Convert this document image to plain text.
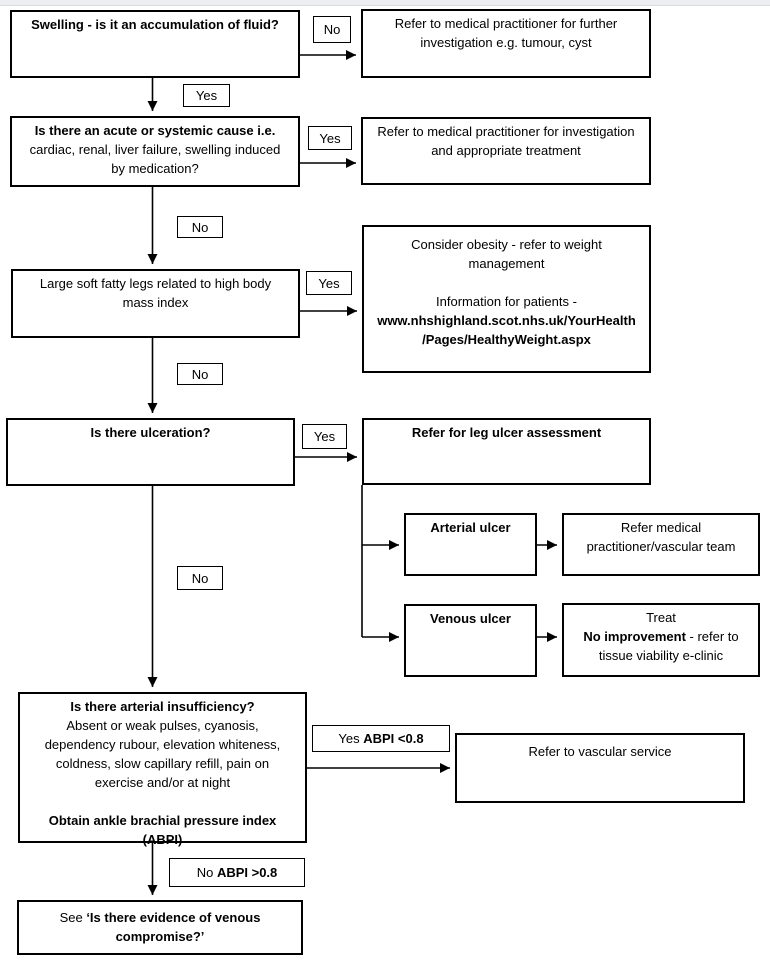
Swelling - is it an accumulation of fluid?	No	Refer to medical practitioner for further
investigation e.g. tumour, cyst
Yes
Is there an acute or systemic cause i.e.
cardiac, renal, liver failure, swelling induced
by medication?
Yes	Refer to medical practitioner for investigation
and appropriate treatment
No
Large soft fatty legs related to high body
mass index
Yes
Consider obesity - refer to weight
management
Information for patients -
www.nhshighland.scot.nhs.uk/YourHealth
/Pages/HealthyWeight.aspx
No
Is there ulceration?	Yes	Refer for leg ulcer assessment
Arterial ulcer	Refer medical
practitioner/vascular team
No
Venous ulcer	Treat
No improvement - refer to
tissue viability e-clinic
Is there arterial insufficiency?
Absent or weak pulses, cyanosis,
dependency rubour, elevation whiteness,
coldness, slow capillary refill, pain on
exercise and/or at night
Obtain ankle brachial pressure index
(ABPI)
Yes ABPI <0.8
Refer to vascular service
No ABPI >0.8
See ‘Is there evidence of venous
compromise?’
